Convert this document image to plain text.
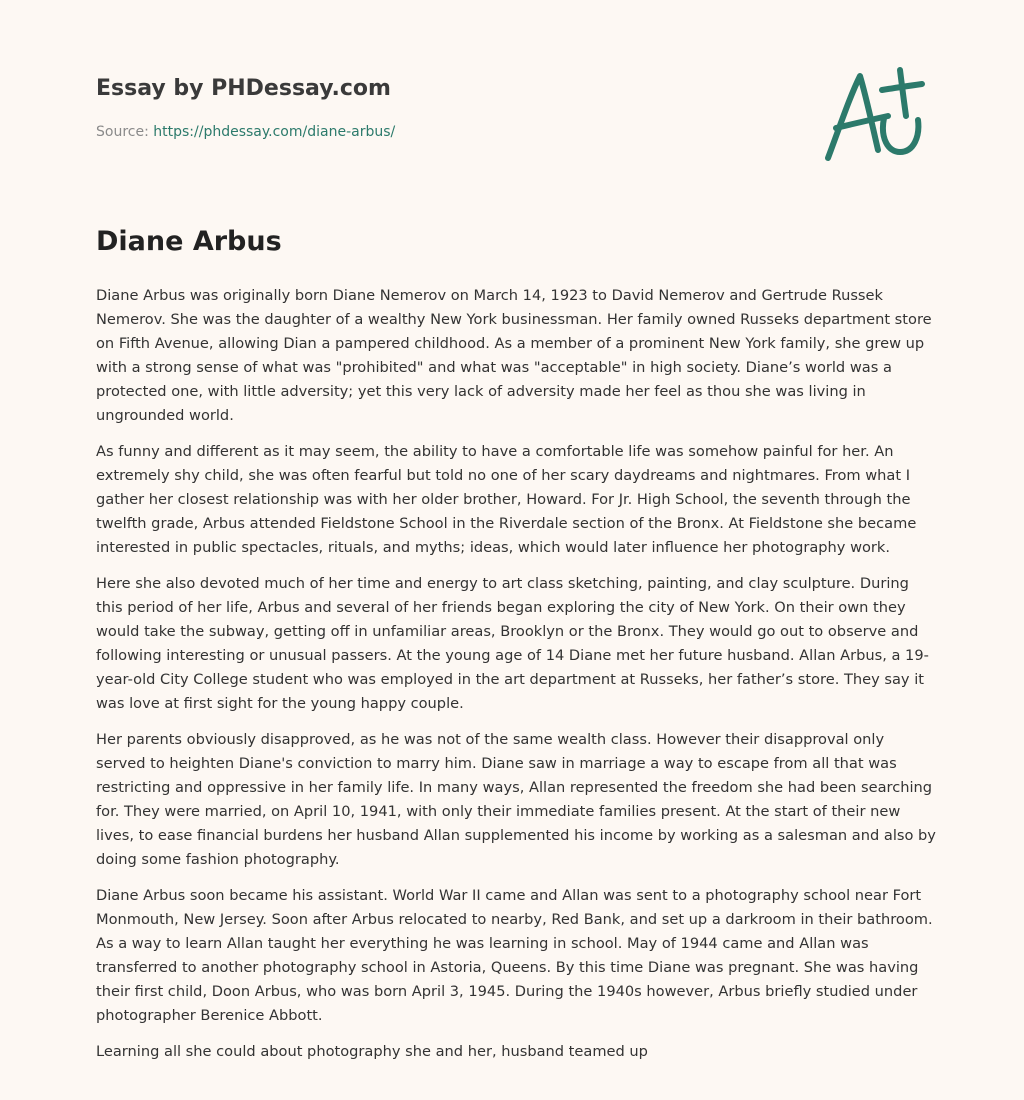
Essay by PHDessay.com
Source: https://phdessay.com/diane-arbus/
Diane Arbus

Diane Arbus was originally born Diane Nemerov on March 14, 1923 to David Nemerov and Gertrude Russek Nemerov. She was the daughter of a wealthy New York businessman. Her family owned Russeks department store on Fifth Avenue, allowing Dian a pampered childhood. As a member of a prominent New York family, she grew up with a strong sense of what was "prohibited" and what was "acceptable" in high society. Diane’s world was a protected one, with little adversity; yet this very lack of adversity made her feel as thou she was living in ungrounded world.

As funny and different as it may seem, the ability to have a comfortable life was somehow painful for her. An extremely shy child, she was often fearful but told no one of her scary daydreams and nightmares. From what I gather her closest relationship was with her older brother, Howard. For Jr. High School, the seventh through the twelfth grade, Arbus attended Fieldstone School in the Riverdale section of the Bronx. At Fieldstone she became interested in public spectacles, rituals, and myths; ideas, which would later influence her photography work.

Here she also devoted much of her time and energy to art class sketching, painting, and clay sculpture. During this period of her life, Arbus and several of her friends began exploring the city of New York. On their own they would take the subway, getting off in unfamiliar areas, Brooklyn or the Bronx. They would go out to observe and following interesting or unusual passers. At the young age of 14 Diane met her future husband. Allan Arbus, a 19-year-old City College student who was employed in the art department at Russeks, her father’s store. They say it was love at first sight for the young happy couple.

Her parents obviously disapproved, as he was not of the same wealth class. However their disapproval only served to heighten Diane's conviction to marry him. Diane saw in marriage a way to escape from all that was restricting and oppressive in her family life. In many ways, Allan represented the freedom she had been searching for. They were married, on April 10, 1941, with only their immediate families present. At the start of their new lives, to ease financial burdens her husband Allan supplemented his income by working as a salesman and also by doing some fashion photography.

Diane Arbus soon became his assistant. World War II came and Allan was sent to a photography school near Fort Monmouth, New Jersey. Soon after Arbus relocated to nearby, Red Bank, and set up a darkroom in their bathroom. As a way to learn Allan taught her everything he was learning in school. May of 1944 came and Allan was transferred to another photography school in Astoria, Queens. By this time Diane was pregnant. She was having their first child, Doon Arbus, who was born April 3, 1945. During the 1940s however, Arbus briefly studied under photographer Berenice Abbott.

Learning all she could about photography she and her, husband teamed up
